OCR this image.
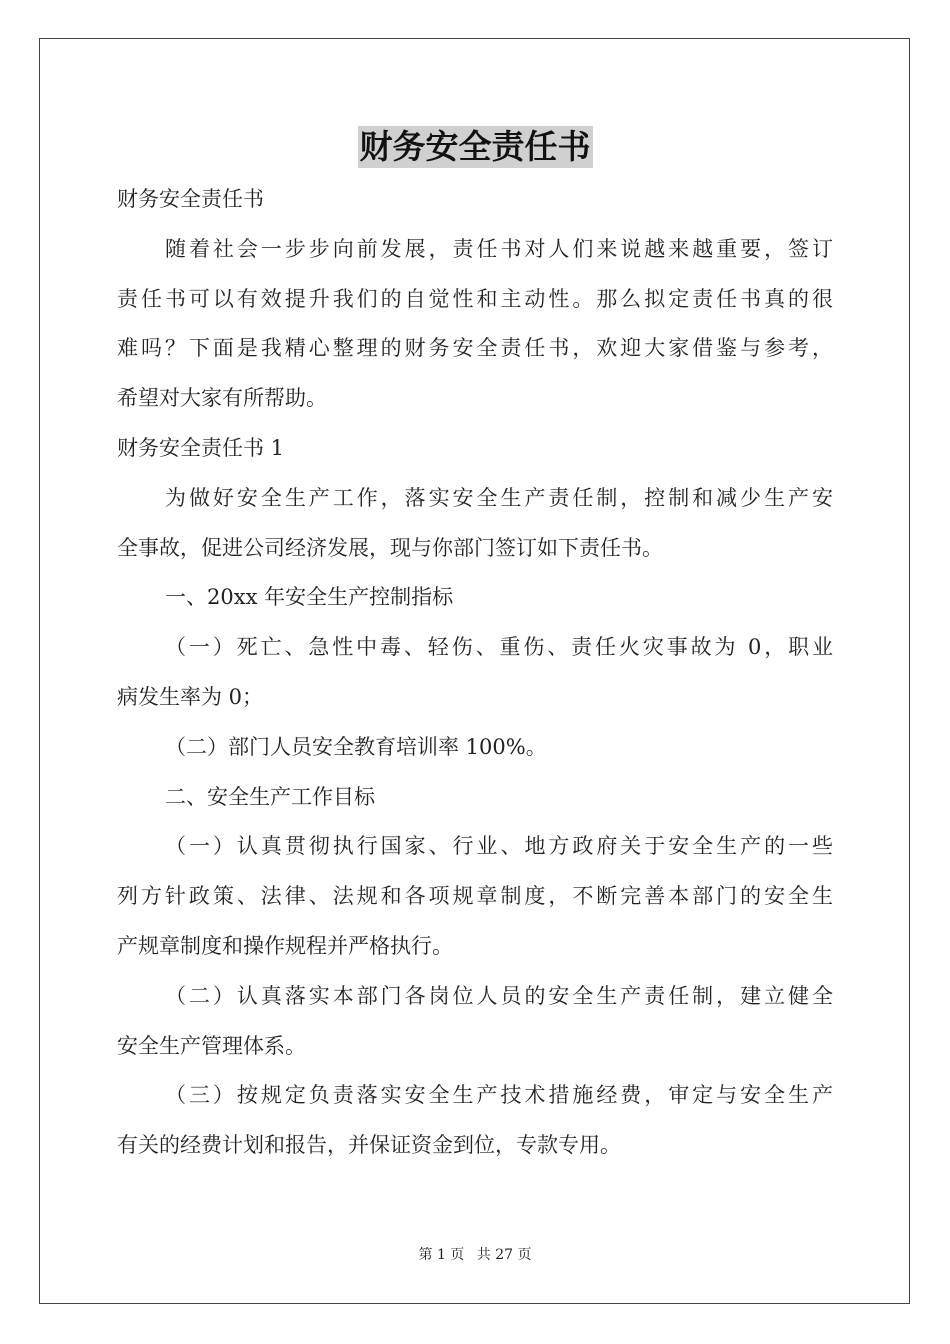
财务安全责任书
财务安全责任书
随着社会一步步向前发展，责任书对人们来说越来越重要，签订
责任书可以有效提升我们的自觉性和主动性。那么拟定责任书真的很
难吗？下面是我精心整理的财务安全责任书，欢迎大家借鉴与参考，
希望对大家有所帮助。
财务安全责任书 1
为做好安全生产工作，落实安全生产责任制，控制和减少生产安
全事故，促进公司经济发展，现与你部门签订如下责任书。
一、20xx 年安全生产控制指标
（一）死亡、急性中毒、轻伤、重伤、责任火灾事故为 0，职业
病发生率为 0；
（二）部门人员安全教育培训率 100%。
二、安全生产工作目标
（一）认真贯彻执行国家、行业、地方政府关于安全生产的一些
列方针政策、法律、法规和各项规章制度，不断完善本部门的安全生
产规章制度和操作规程并严格执行。
（二）认真落实本部门各岗位人员的安全生产责任制，建立健全
安全生产管理体系。
（三）按规定负责落实安全生产技术措施经费，审定与安全生产
有关的经费计划和报告，并保证资金到位，专款专用。
第 1 页 共 27 页
